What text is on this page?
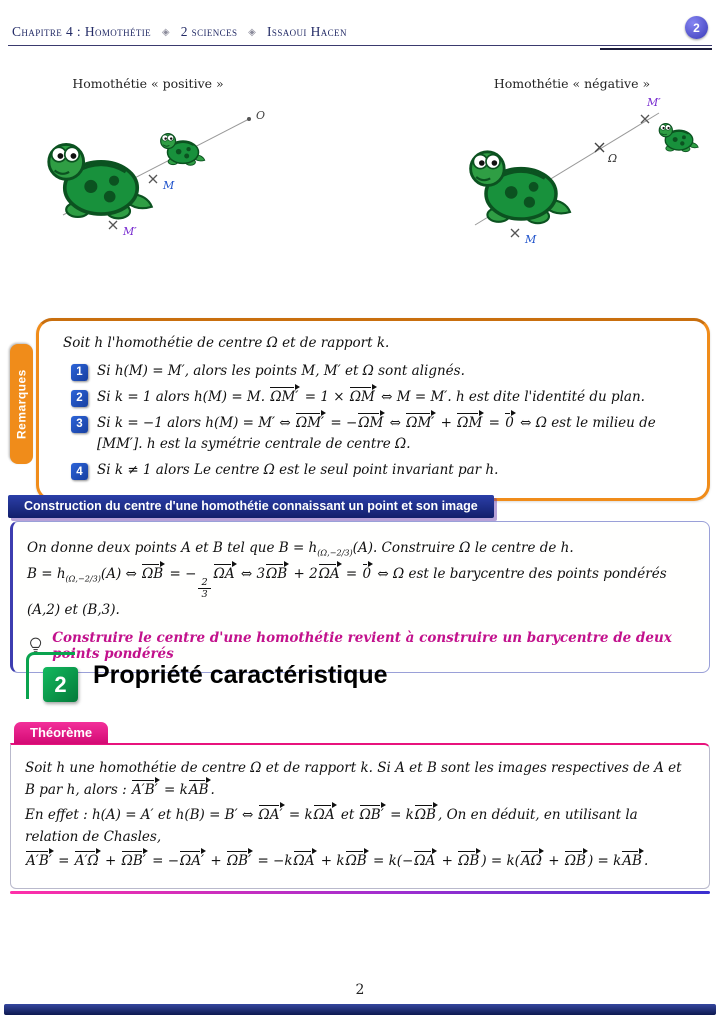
Chapitre 4 : Homothétie ◈ 2 sciences ◈ Issaoui Hacen	2
Homothétie « positive »
O
M
M′
Homothétie « négative »
M′
Ω
M
Remarques

Soit h l'homothétie de centre Ω et de rapport k.

1	Si h(M) = M′, alors les points M, M′ et Ω sont alignés.

2	Si k = 1 alors h(M) = M. ΩM′ = 1 × ΩM ⇔ M = M′. h est dite l'identité du plan.

3	Si k = −1 alors h(M) = M′ ⇔ ΩM′ = −ΩM ⇔ ΩM′ + ΩM = 0 ⇔ Ω est le milieu de [MM′]. h est la symétrie centrale de centre Ω.

4	Si k ≠ 1 alors Le centre Ω est le seul point invariant par h.

Construction du centre d'une homothétie connaissant un point et son image

On donne deux points A et B tel que $B = h_{(\Omega,-2/3)}(A)$. Construire Ω le centre de h.

$B = h_{(\Omega,-2/3)}(A)$ ⇔ ΩB = −
$\frac{2}{3}$
ΩA ⇔ 3ΩB + 2ΩA = 0 ⇔ Ω est le barycentre des points pondérés (A,2) et (B,3).

Construire le centre d'une homothétie revient à construire un barycentre de deux points pondérés

2	Propriété caractéristique
Théorème

Soit h une homothétie de centre Ω et de rapport k. Si A et B sont les images respectives de A et B par h, alors : A′B′ = kAB .

En effet : h(A) = A′ et h(B) = B′ ⇔ ΩA′ = kΩA et ΩB′ = kΩB , On en déduit, en utilisant la relation de Chasles,

A′B′ = A′Ω + ΩB′ = −ΩA′ + ΩB′ = −kΩA + kΩB = k(−ΩA + ΩB ) = k(AΩ + ΩB ) = kAB .

2
